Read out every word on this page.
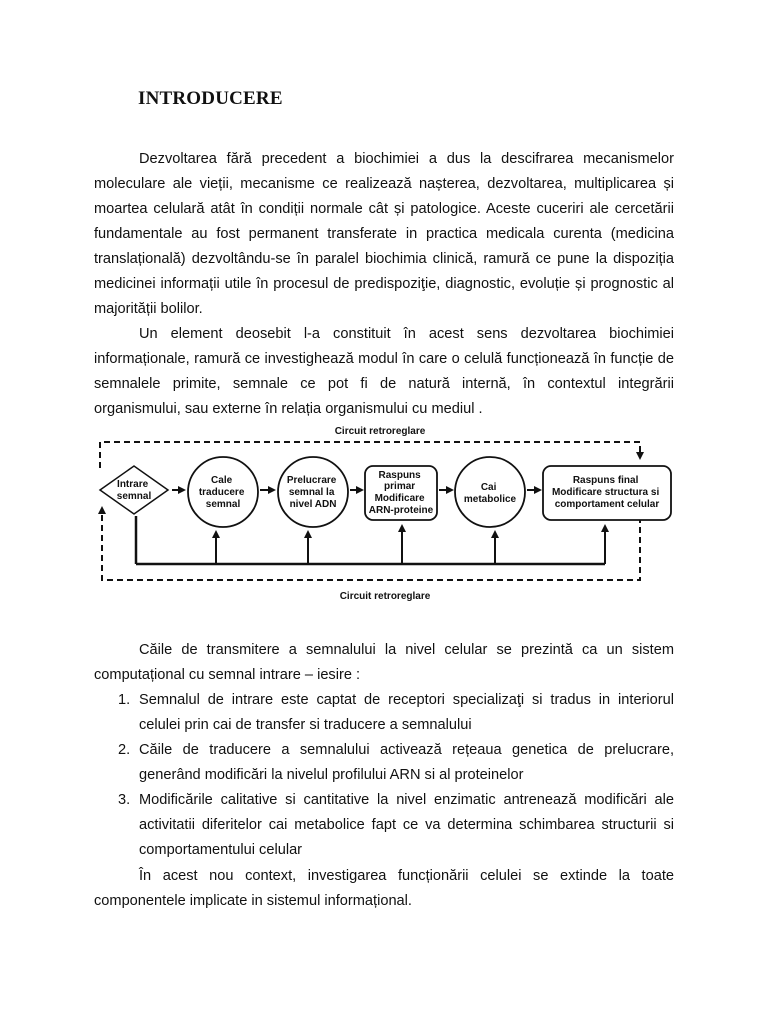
INTRODUCERE

Dezvoltarea fără precedent a biochimiei a dus la descifrarea mecanismelor moleculare ale vieții, mecanisme ce realizează nașterea, dezvoltarea, multiplicarea și moartea celulară atât în condiții normale cât și patologice. Aceste cuceriri ale cercetării fundamentale au fost permanent transferate in practica medicala curenta (medicina translațională) dezvoltându-se în paralel biochimia clinică, ramură ce pune la dispoziția medicinei informații utile în procesul de predispoziţie, diagnostic, evoluție și prognostic al majorității bolilor.

Un element deosebit l-a constituit în acest sens dezvoltarea biochimiei informaționale, ramură ce investighează modul în care o celulă funcționează în funcție de semnalele primite, semnale ce pot fi de natură internă, în contextul integrării organismului, sau externe în relația organismului cu mediul .

Circuit retroreglare
Circuit retroreglare
Intrare semnal
Cale traducere semnal
Prelucrare semnal la nivel ADN
Raspuns primar Modificare ARN-proteine
Cai metabolice
Raspuns final Modificare structura si comportament celular

Căile de transmitere a semnalului la nivel celular se prezintă ca un sistem computațional cu semnal intrare – iesire :

1. Semnalul de intrare este captat de receptori specializaţi si tradus in interiorul celulei prin cai de transfer si traducere a semnalului
2. Căile de traducere a semnalului activează rețeaua genetica de prelucrare, generând modificări la nivelul profilului ARN si al proteinelor
3. Modificările calitative si cantitative la nivel enzimatic antrenează modificări ale activitatii diferitelor cai metabolice fapt ce va determina schimbarea structurii si comportamentului celular

În acest nou context, investigarea funcționării celulei se extinde la toate componentele implicate in sistemul informațional.
